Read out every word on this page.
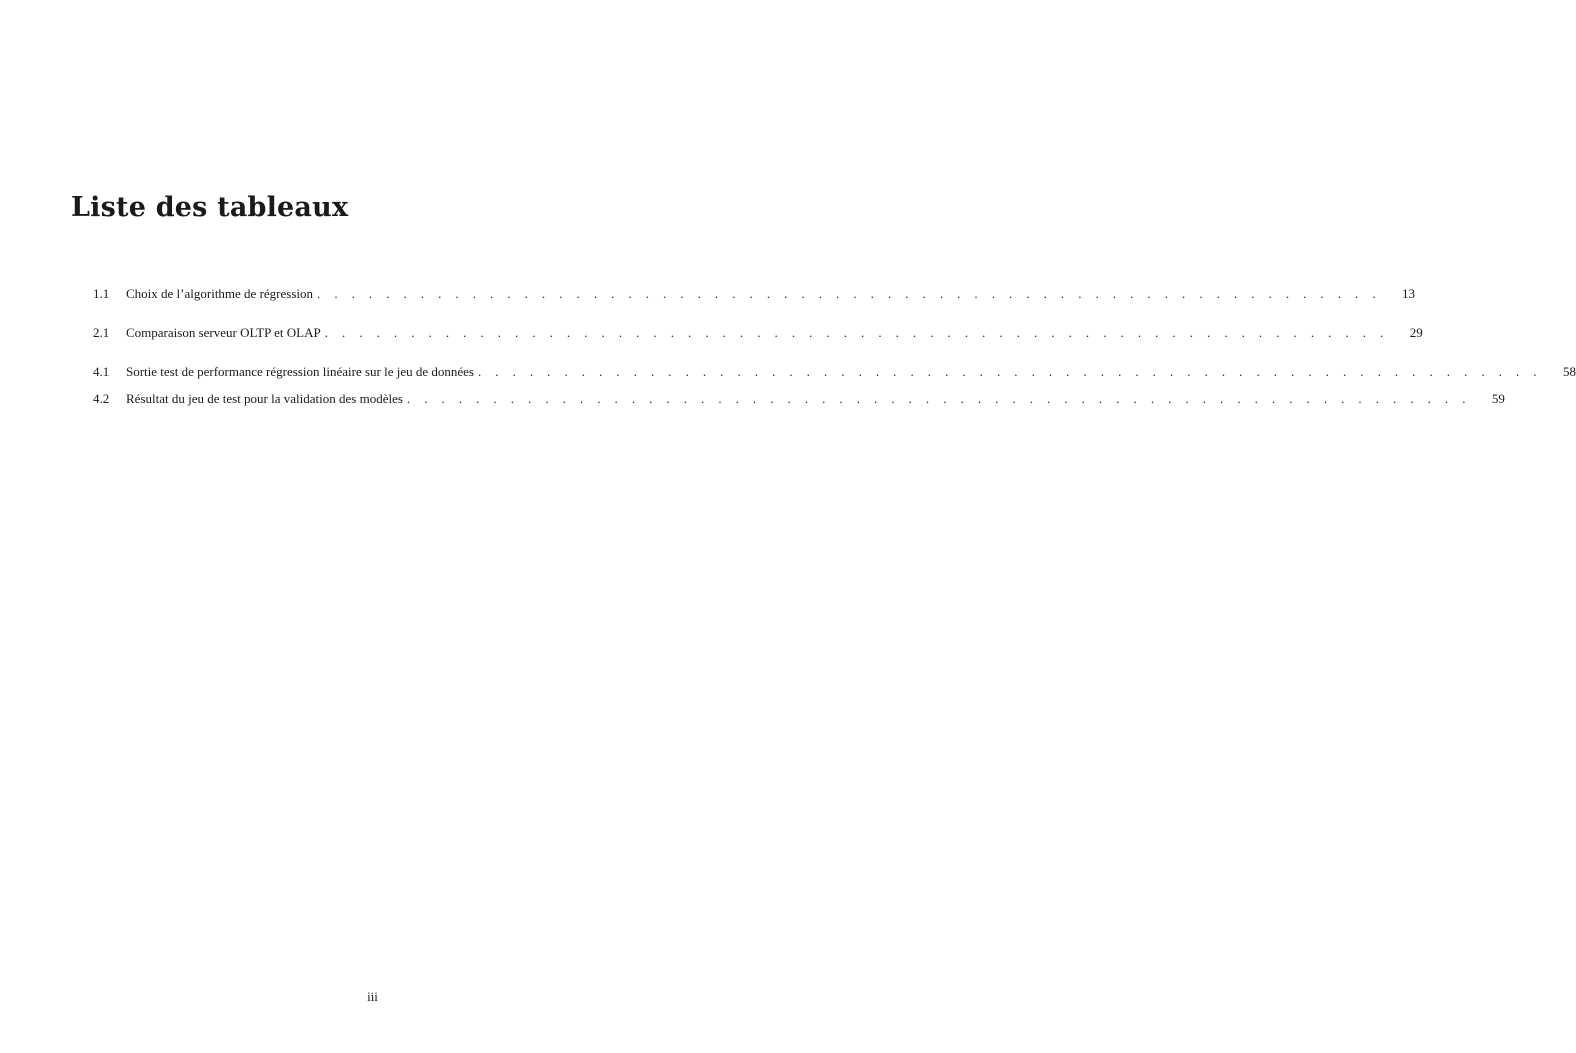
Liste des tableaux
1.1	Choix de l’algorithme de régression . . . . . . . . . . . . . . . . . . . . . . . . . . . . . . . . . . . . . . . . . . . . . . . . . . . . . . . . . . . . . . 13
2.1	Comparaison serveur OLTP et OLAP . . . . . . . . . . . . . . . . . . . . . . . . . . . . . . . . . . . . . . . . . . . . . . . . . . . . . . . . . . . . . . 29
4.1	Sortie test de performance régression linéaire sur le jeu de données . . . . . . . . . . . . . . . . . . . . . . . . . . . . . . . . . . . . . . . . . . . . . . . . . . . . . . . . . . . . . . 58
4.2	Résultat du jeu de test pour la validation des modèles . . . . . . . . . . . . . . . . . . . . . . . . . . . . . . . . . . . . . . . . . . . . . . . . . . . . . . . . . . . . . . 59
iii
